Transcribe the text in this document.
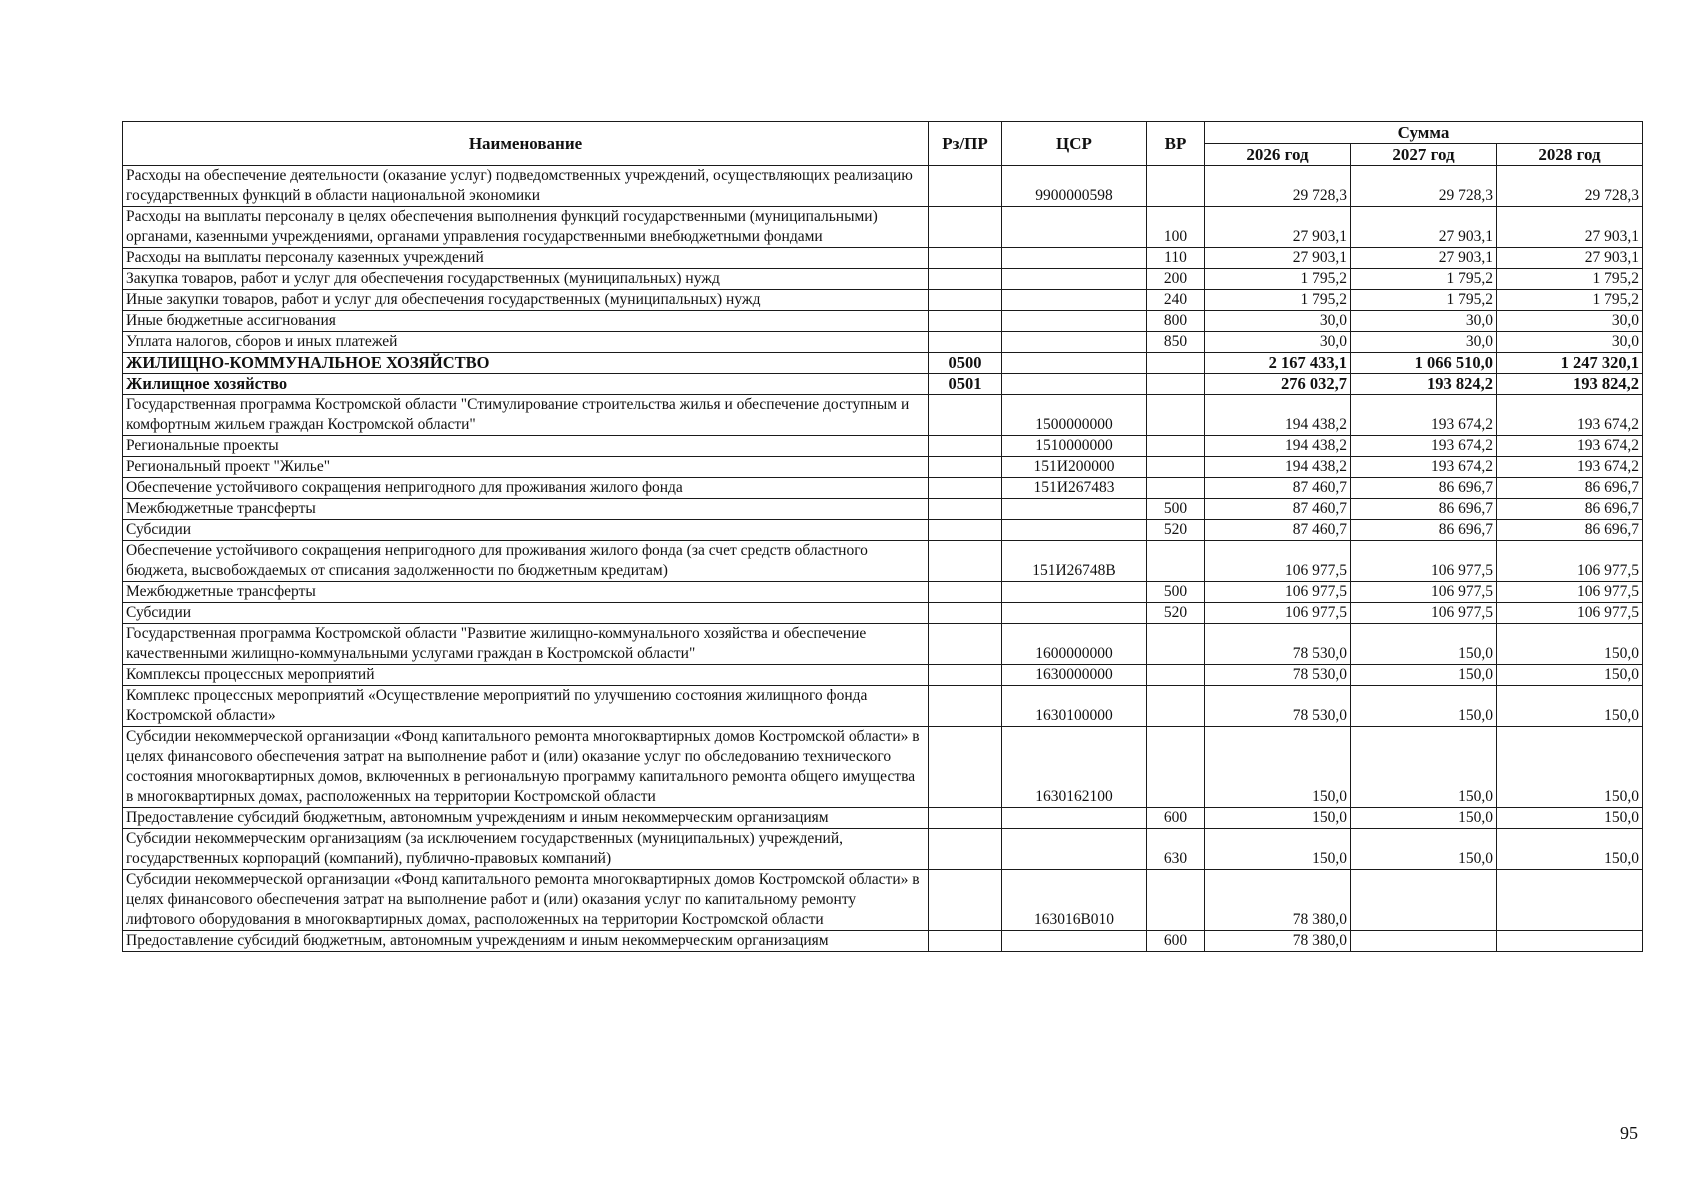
Наименование	Рз/ПР	ЦСР	ВР	Сумма		
				2026 год	2027 год	2028 год
Расходы на обеспечение деятельности (оказание услуг) подведомственных учреждений, осуществляющих реализацию государственных функций в области национальной экономики		9900000598		29 728,3	29 728,3	29 728,3
Расходы на выплаты персоналу в целях обеспечения выполнения функций государственными (муниципальными) органами, казенными учреждениями, органами управления государственными внебюджетными фондами			100	27 903,1	27 903,1	27 903,1
Расходы на выплаты персоналу казенных учреждений			110	27 903,1	27 903,1	27 903,1
Закупка товаров, работ и услуг для обеспечения государственных (муниципальных) нужд			200	1 795,2	1 795,2	1 795,2
Иные закупки товаров, работ и услуг для обеспечения государственных (муниципальных) нужд			240	1 795,2	1 795,2	1 795,2
Иные бюджетные ассигнования			800	30,0	30,0	30,0
Уплата налогов, сборов и иных платежей			850	30,0	30,0	30,0
ЖИЛИЩНО-КОММУНАЛЬНОЕ ХОЗЯЙСТВО	0500			2 167 433,1	1 066 510,0	1 247 320,1
Жилищное хозяйство	0501			276 032,7	193 824,2	193 824,2
Государственная программа Костромской области "Стимулирование строительства жилья и обеспечение доступным и комфортным жильем граждан Костромской области"		1500000000		194 438,2	193 674,2	193 674,2
Региональные проекты		1510000000		194 438,2	193 674,2	193 674,2
Региональный проект "Жилье"		151И200000		194 438,2	193 674,2	193 674,2
Обеспечение устойчивого сокращения непригодного для проживания жилого фонда		151И267483		87 460,7	86 696,7	86 696,7
Межбюджетные трансферты			500	87 460,7	86 696,7	86 696,7
Субсидии			520	87 460,7	86 696,7	86 696,7
Обеспечение устойчивого сокращения непригодного для проживания жилого фонда (за счет средств областного бюджета, высвобождаемых от списания задолженности по бюджетным кредитам)		151И26748В		106 977,5	106 977,5	106 977,5
Межбюджетные трансферты			500	106 977,5	106 977,5	106 977,5
Субсидии			520	106 977,5	106 977,5	106 977,5
Государственная программа Костромской области "Развитие жилищно-коммунального хозяйства и обеспечение качественными жилищно-коммунальными услугами граждан в Костромской области"		1600000000		78 530,0	150,0	150,0
Комплексы процессных мероприятий		1630000000		78 530,0	150,0	150,0
Комплекс процессных мероприятий «Осуществление мероприятий по улучшению состояния жилищного фонда Костромской области»		1630100000		78 530,0	150,0	150,0
Субсидии некоммерческой организации «Фонд капитального ремонта многоквартирных домов Костромской области» в целях финансового обеспечения затрат на выполнение работ и (или) оказание услуг по обследованию технического состояния многоквартирных домов, включенных в региональную программу капитального ремонта общего имущества в многоквартирных домах, расположенных на территории Костромской области		1630162100		150,0	150,0	150,0
Предоставление субсидий бюджетным, автономным учреждениям и иным некоммерческим организациям			600	150,0	150,0	150,0
Субсидии некоммерческим организациям (за исключением государственных (муниципальных) учреждений, государственных корпораций (компаний), публично-правовых компаний)			630	150,0	150,0	150,0
Субсидии некоммерческой организации «Фонд капитального ремонта многоквартирных домов Костромской области» в целях финансового обеспечения затрат на выполнение работ и (или) оказания услуг по капитальному ремонту лифтового оборудования в многоквартирных домах, расположенных на территории Костромской области		163016В010		78 380,0		
Предоставление субсидий бюджетным, автономным учреждениям и иным некоммерческим организациям			600	78 380,0		
95
